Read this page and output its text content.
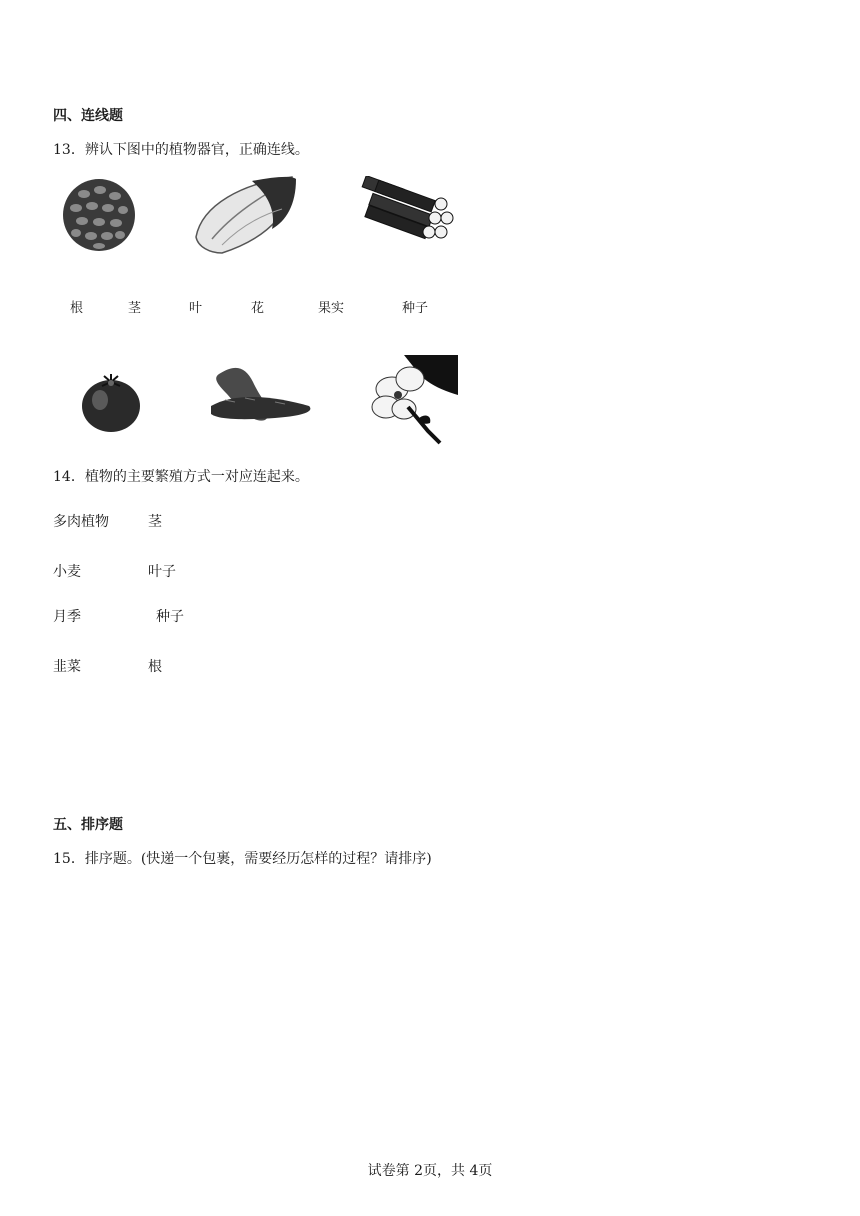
四、连线题
13．辨认下图中的植物器官，正确连线。
根	茎	叶	花	果实	种子
14．植物的主要繁殖方式一对应连起来。
多肉植物	茎
小麦	叶子
月季	种子
韭菜	根
五、排序题
15．排序题。(快递一个包裹，需要经历怎样的过程？请排序)
试卷第 2页，共 4页
